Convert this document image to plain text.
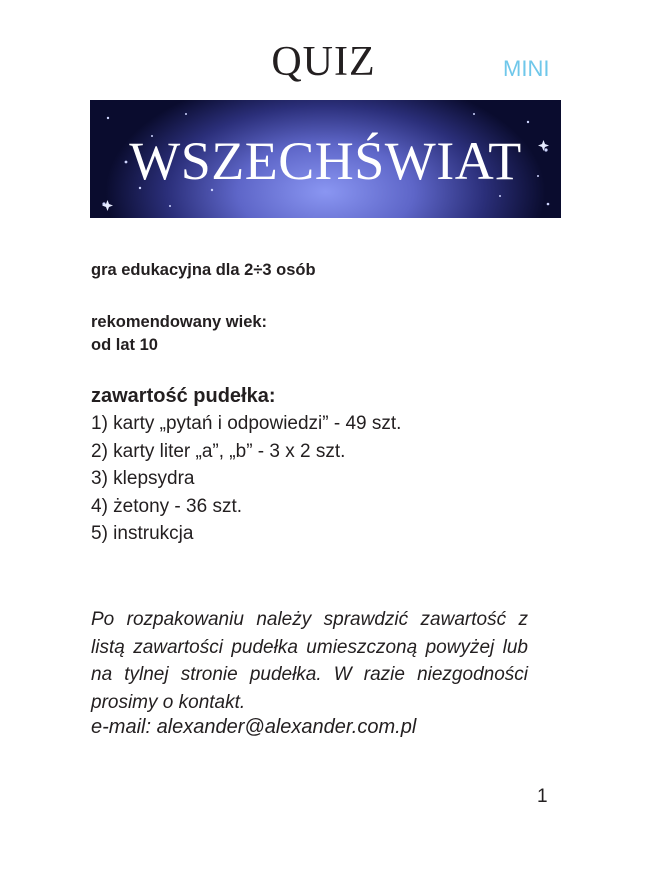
QUIZ	MINI
WSZECHŚWIAT
gra edukacyjna dla 2÷3 osób
rekomendowany wiek:
od lat 10
zawartość pudełka:
1) karty „pytań i odpowiedzi” - 49 szt.
2) karty liter „a”, „b” - 3 x 2 szt.
3) klepsydra
4) żetony - 36 szt.
5) instrukcja
Po rozpakowaniu należy sprawdzić zawartość z
listą zawartości pudełka umieszczoną powyżej lub
na tylnej stronie pudełka. W razie niezgodności
prosimy o kontakt.
e-mail: alexander@alexander.com.pl
1
